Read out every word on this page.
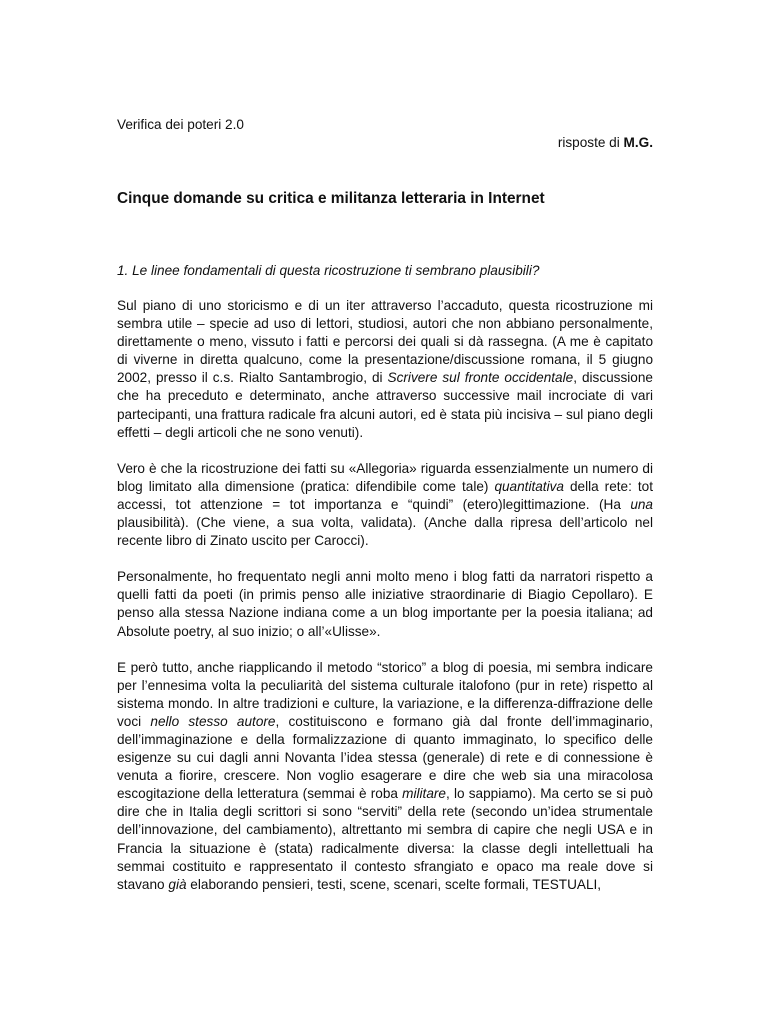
Verifica dei poteri 2.0

risposte di M.G.

Cinque domande su critica e militanza letteraria in Internet

1. Le linee fondamentali di questa ricostruzione ti sembrano plausibili?

Sul piano di uno storicismo e di un iter attraverso l’accaduto, questa ricostruzione mi sembra utile – specie ad uso di lettori, studiosi, autori che non abbiano personalmente, direttamente o meno, vissuto i fatti e percorsi dei quali si dà rassegna. (A me è capitato di viverne in diretta qualcuno, come la presentazione/discussione romana, il 5 giugno 2002, presso il c.s. Rialto Santambrogio, di Scrivere sul fronte occidentale, discussione che ha preceduto e determinato, anche attraverso successive mail incrociate di vari partecipanti, una frattura radicale fra alcuni autori, ed è stata più incisiva – sul piano degli effetti – degli articoli che ne sono venuti).

Vero è che la ricostruzione dei fatti su «Allegoria» riguarda essenzialmente un numero di blog limitato alla dimensione (pratica: difendibile come tale) quantitativa della rete: tot accessi, tot attenzione = tot importanza e “quindi” (etero)legittimazione. (Ha una plausibilità). (Che viene, a sua volta, validata). (Anche dalla ripresa dell’articolo nel recente libro di Zinato uscito per Carocci).

Personalmente, ho frequentato negli anni molto meno i blog fatti da narratori rispetto a quelli fatti da poeti (in primis penso alle iniziative straordinarie di Biagio Cepollaro). E penso alla stessa Nazione indiana come a un blog importante per la poesia italiana; ad Absolute poetry, al suo inizio; o all’«Ulisse».

E però tutto, anche riapplicando il metodo “storico” a blog di poesia, mi sembra indicare per l’ennesima volta la peculiarità del sistema culturale italofono (pur in rete) rispetto al sistema mondo. In altre tradizioni e culture, la variazione, e la differenza-diffrazione delle voci nello stesso autore, costituiscono e formano già dal fronte dell’immaginario, dell’immaginazione e della formalizzazione di quanto immaginato, lo specifico delle esigenze su cui dagli anni Novanta l’idea stessa (generale) di rete e di connessione è venuta a fiorire, crescere. Non voglio esagerare e dire che web sia una miracolosa escogitazione della letteratura (semmai è roba militare, lo sappiamo). Ma certo se si può dire che in Italia degli scrittori si sono “serviti” della rete (secondo un’idea strumentale dell’innovazione, del cambiamento), altrettanto mi sembra di capire che negli USA e in Francia la situazione è (stata) radicalmente diversa: la classe degli intellettuali ha semmai costituito e rappresentato il contesto sfrangiato e opaco ma reale dove si stavano già elaborando pensieri, testi, scene, scenari, scelte formali, TESTUALI,
